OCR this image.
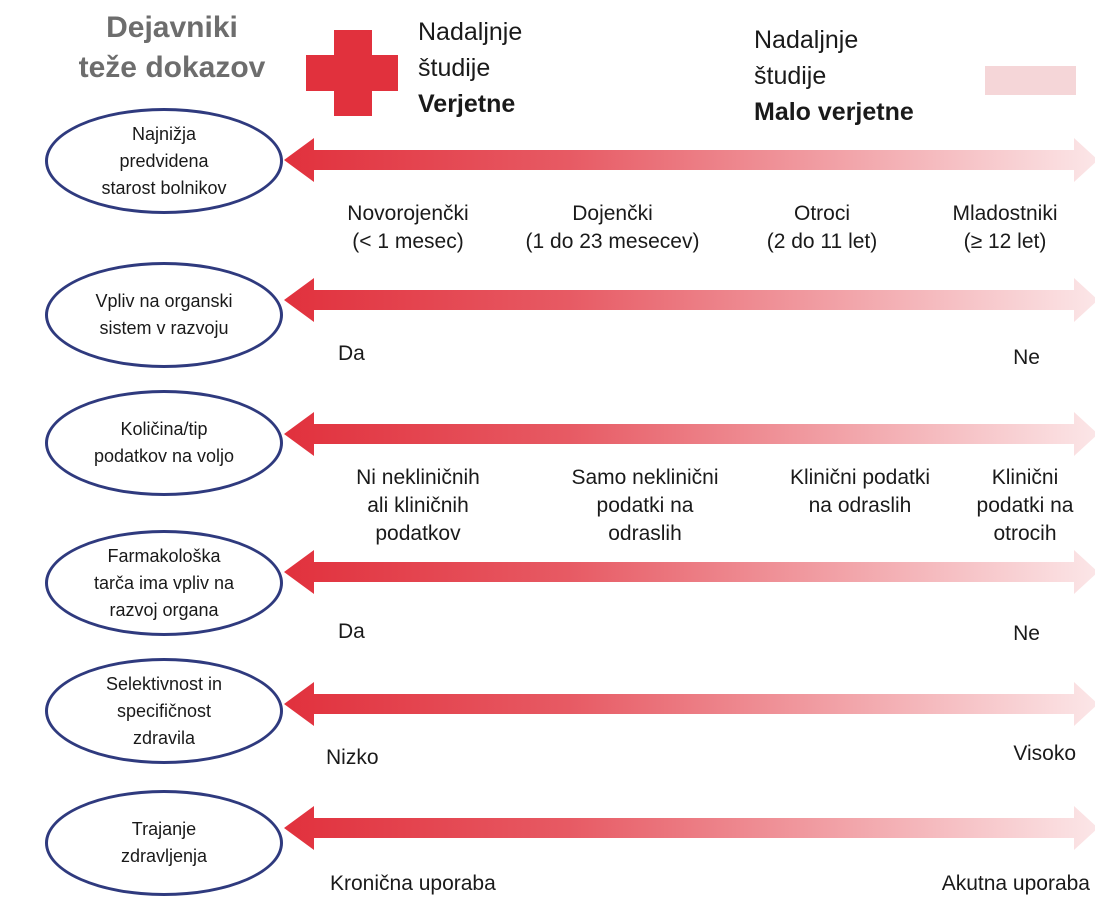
Dejavniki
teže dokazov
Nadaljnje
študije
Verjetne
Nadaljnje
študije
Malo verjetne
Najnižja
predvidena
starost bolnikov
Vpliv na organski
sistem v razvoju
Količina/tip
podatkov na voljo
Farmakološka
tarča ima vpliv na
razvoj organa
Selektivnost in
specifičnost
zdravila
Trajanje
zdravljenja
Novorojenčki
(< 1 mesec)
Dojenčki
(1 do 23 mesecev)
Otroci
(2 do 11 let)
Mladostniki
(≥ 12 let)
Da	Ne
Ni nekliničnih
ali kliničnih
podatkov
Samo neklinični
podatki na
odraslih
Klinični podatki
na odraslih
Klinični
podatki na
otrocih
Da	Ne
Nizko	Visoko
Kronična uporaba	Akutna uporaba
